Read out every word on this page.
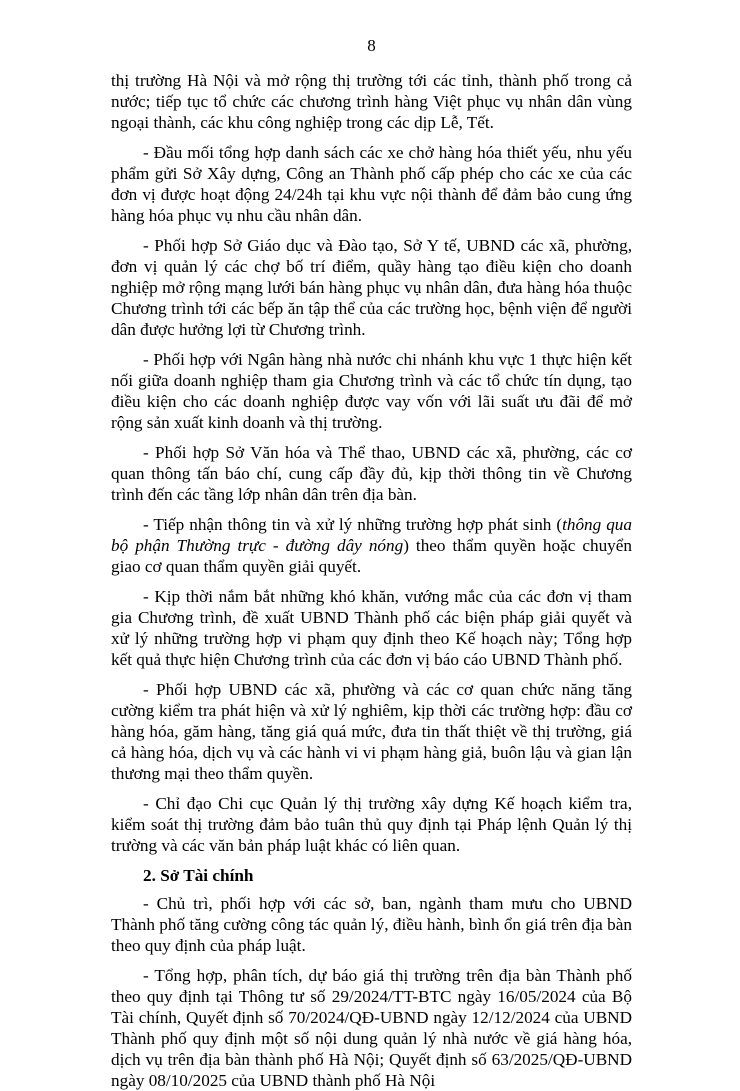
8

thị trường Hà Nội và mở rộng thị trường tới các tỉnh, thành phố trong cả nước; tiếp tục tổ chức các chương trình hàng Việt phục vụ nhân dân vùng ngoại thành, các khu công nghiệp trong các dịp Lễ, Tết.

- Đầu mối tổng hợp danh sách các xe chở hàng hóa thiết yếu, nhu yếu phẩm gửi Sở Xây dựng, Công an Thành phố cấp phép cho các xe của các đơn vị được hoạt động 24/24h tại khu vực nội thành để đảm bảo cung ứng hàng hóa phục vụ nhu cầu nhân dân.

- Phối hợp Sở Giáo dục và Đào tạo, Sở Y tế, UBND các xã, phường, đơn vị quản lý các chợ bố trí điểm, quầy hàng tạo điều kiện cho doanh nghiệp mở rộng mạng lưới bán hàng phục vụ nhân dân, đưa hàng hóa thuộc Chương trình tới các bếp ăn tập thể của các trường học, bệnh viện để người dân được hưởng lợi từ Chương trình.

- Phối hợp với Ngân hàng nhà nước chi nhánh khu vực 1 thực hiện kết nối giữa doanh nghiệp tham gia Chương trình và các tổ chức tín dụng, tạo điều kiện cho các doanh nghiệp được vay vốn với lãi suất ưu đãi để mở rộng sản xuất kinh doanh và thị trường.

- Phối hợp Sở Văn hóa và Thể thao, UBND các xã, phường, các cơ quan thông tấn báo chí, cung cấp đầy đủ, kịp thời thông tin về Chương trình đến các tầng lớp nhân dân trên địa bàn.

- Tiếp nhận thông tin và xử lý những trường hợp phát sinh (thông qua bộ phận Thường trực - đường dây nóng) theo thẩm quyền hoặc chuyển giao cơ quan thẩm quyền giải quyết.

- Kịp thời nắm bắt những khó khăn, vướng mắc của các đơn vị tham gia Chương trình, đề xuất UBND Thành phố các biện pháp giải quyết và xử lý những trường hợp vi phạm quy định theo Kế hoạch này; Tổng hợp kết quả thực hiện Chương trình của các đơn vị báo cáo UBND Thành phố.

- Phối hợp UBND các xã, phường và các cơ quan chức năng tăng cường kiểm tra phát hiện và xử lý nghiêm, kịp thời các trường hợp: đầu cơ hàng hóa, găm hàng, tăng giá quá mức, đưa tin thất thiệt về thị trường, giá cả hàng hóa, dịch vụ và các hành vi vi phạm hàng giả, buôn lậu và gian lận thương mại theo thẩm quyền.

- Chỉ đạo Chi cục Quản lý thị trường xây dựng Kế hoạch kiểm tra, kiểm soát thị trường đảm bảo tuân thủ quy định tại Pháp lệnh Quản lý thị trường và các văn bản pháp luật khác có liên quan.

2. Sở Tài chính

- Chủ trì, phối hợp với các sở, ban, ngành tham mưu cho UBND Thành phố tăng cường công tác quản lý, điều hành, bình ổn giá trên địa bàn theo quy định của pháp luật.

- Tổng hợp, phân tích, dự báo giá thị trường trên địa bàn Thành phố theo quy định tại Thông tư số 29/2024/TT-BTC ngày 16/05/2024 của Bộ Tài chính, Quyết định số 70/2024/QĐ-UBND ngày 12/12/2024 của UBND Thành phố quy định một số nội dung quản lý nhà nước về giá hàng hóa, dịch vụ trên địa bàn thành phố Hà Nội; Quyết định số 63/2025/QĐ-UBND ngày 08/10/2025 của UBND thành phố Hà Nội
